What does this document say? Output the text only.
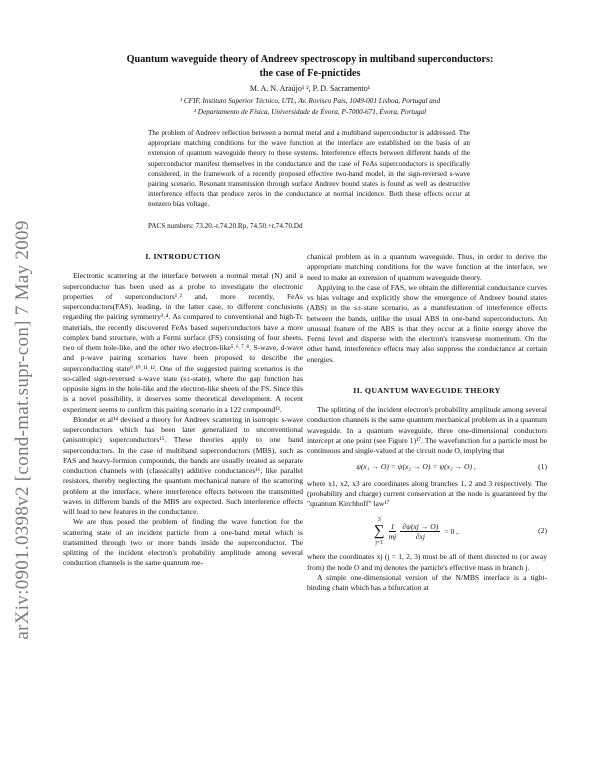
arXiv:0901.0398v2 [cond-mat.supr-con] 7 May 2009
Quantum waveguide theory of Andreev spectroscopy in multiband superconductors:
the case of Fe-pnictides
M. A. N. Araújo¹ ², P. D. Sacramento¹
¹ CFIF, Instituto Superior Técnico, UTL, Av. Rovisco Pais, 1049-001 Lisboa, Portugal and
² Departamento de Física, Universidade de Évora, P-7000-671, Évora, Portugal

The problem of Andreev reflection between a normal metal and a multiband superconductor is addressed. The appropriate matching conditions for the wave function at the interface are established on the basis of an extension of quantum waveguide theory to these systems. Interference effects between different bands of the superconductor manifest themselves in the conductance and the case of FeAs superconductors is specifically considered, in the framework of a recently proposed effective two-band model, in the sign-reversed s-wave pairing scenario. Resonant transmission through surface Andreev bound states is found as well as destructive interference effects that produce zeros in the conductance at normal incidence. Both these effects occur at nonzero bias voltage.

PACS numbers: 73.20.-r,74.20.Rp, 74.50.+r,74.70.Dd

I. INTRODUCTION

Electronic scattering at the interface between a normal metal (N) and a superconductor has been used as a probe to investigate the electronic properties of superconductors¹˒² and, more recently, FeAs superconductors(FAS), leading, in the latter case, to different conclusions regarding the pairing symmetry³˒⁴. As compared to conventional and high-Tc materials, the recently discovered FeAs based superconductors have a more complex band structure, with a Fermi surface (FS) consisting of four sheets, two of them hole-like, and the other two electron-like⁵˒⁶˒⁷˒⁸. S-wave, d-wave and p-wave pairing scenarios have been proposed to describe the superconducting state⁹˒¹⁰˒¹¹˒¹². One of the suggested pairing scenarios is the so-called sign-reversed s-wave state (s±-state), where the gap function has opposite signs in the hole-like and the electron-like sheets of the FS. Since this is a novel possibility, it deserves some theoretical development. A recent experiment seems to confirm this pairing scenario in a 122 compound¹³.

Blonder et al¹⁴ devised a theory for Andreev scattering in isotropic s-wave superconductors which has been later generalized to unconventional (anisotropic) superconductors¹⁵. These theories apply to one band superconductors. In the case of multiband superconductors (MBS), such as FAS and heavy-fermion compounds, the bands are usually treated as separate conduction channels with (classically) additive conductances¹⁶, like parallel resistors, thereby neglecting the quantum mechanical nature of the scattering problem at the interface, where interference effects between the transmitted waves in different bands of the MBS are expected. Such interference effects will lead to new features in the conductance.

We are thus posed the problem of finding the wave function for the scattering state of an incident particle from a one-band metal which is transmitted through two or more bands inside the superconductor. The splitting of the incident electron's probability amplitude among several conduction channels is the same quantum me-

chanical problem as in a quantum waveguide. Thus, in order to derive the appropriate matching conditions for the wave function at the interface, we need to make an extension of quantum waveguide theory.

Applying to the case of FAS, we obtain the differential conductance curves vs bias voltage and explicitly show the emergence of Andreev bound states (ABS) in the s±-state scenario, as a manifestation of interference effects between the bands, unlike the usual ABS in one-band superconductors. An unusual feature of the ABS is that they occur at a finite energy above the Fermi level and disperse with the electron's transverse momentum. On the other hand, interference effects may also suppress the conductance at certain energies.

II. QUANTUM WAVEGUIDE THEORY

The splitting of the incident electron's probability amplitude among several conduction channels is the same quantum mechanical problem as in a quantum waveguide. In a quantum waveguide, three one-dimensional conductors intercept at one point (see Figure 1)¹⁷. The wavefunction for a particle must be continuous and single-valued at the circuit node O, implying that

ψ(x₁ → O) = ψ(x₂ → O) = ψ(x₃ → O) ,	(1)

where x1, x2, x3 are coordinates along branches 1, 2 and 3 respectively. The (probability and charge) current conservation at the node is guaranteed by the "quantum Kirchhoff" law¹⁷

3
∑
j=1
$\frac{1}{mj} \frac{\partial\psi(xj \to O)}{\partial xj} = 0$ ,	(2)

where the coordinates xj (j = 1, 2, 3) must be all of them directed to (or away from) the node O and mj denotes the particle's effective mass in branch j.

A simple one-dimensional version of the N/MBS interface is a tight-binding chain which has a bifurcation at
